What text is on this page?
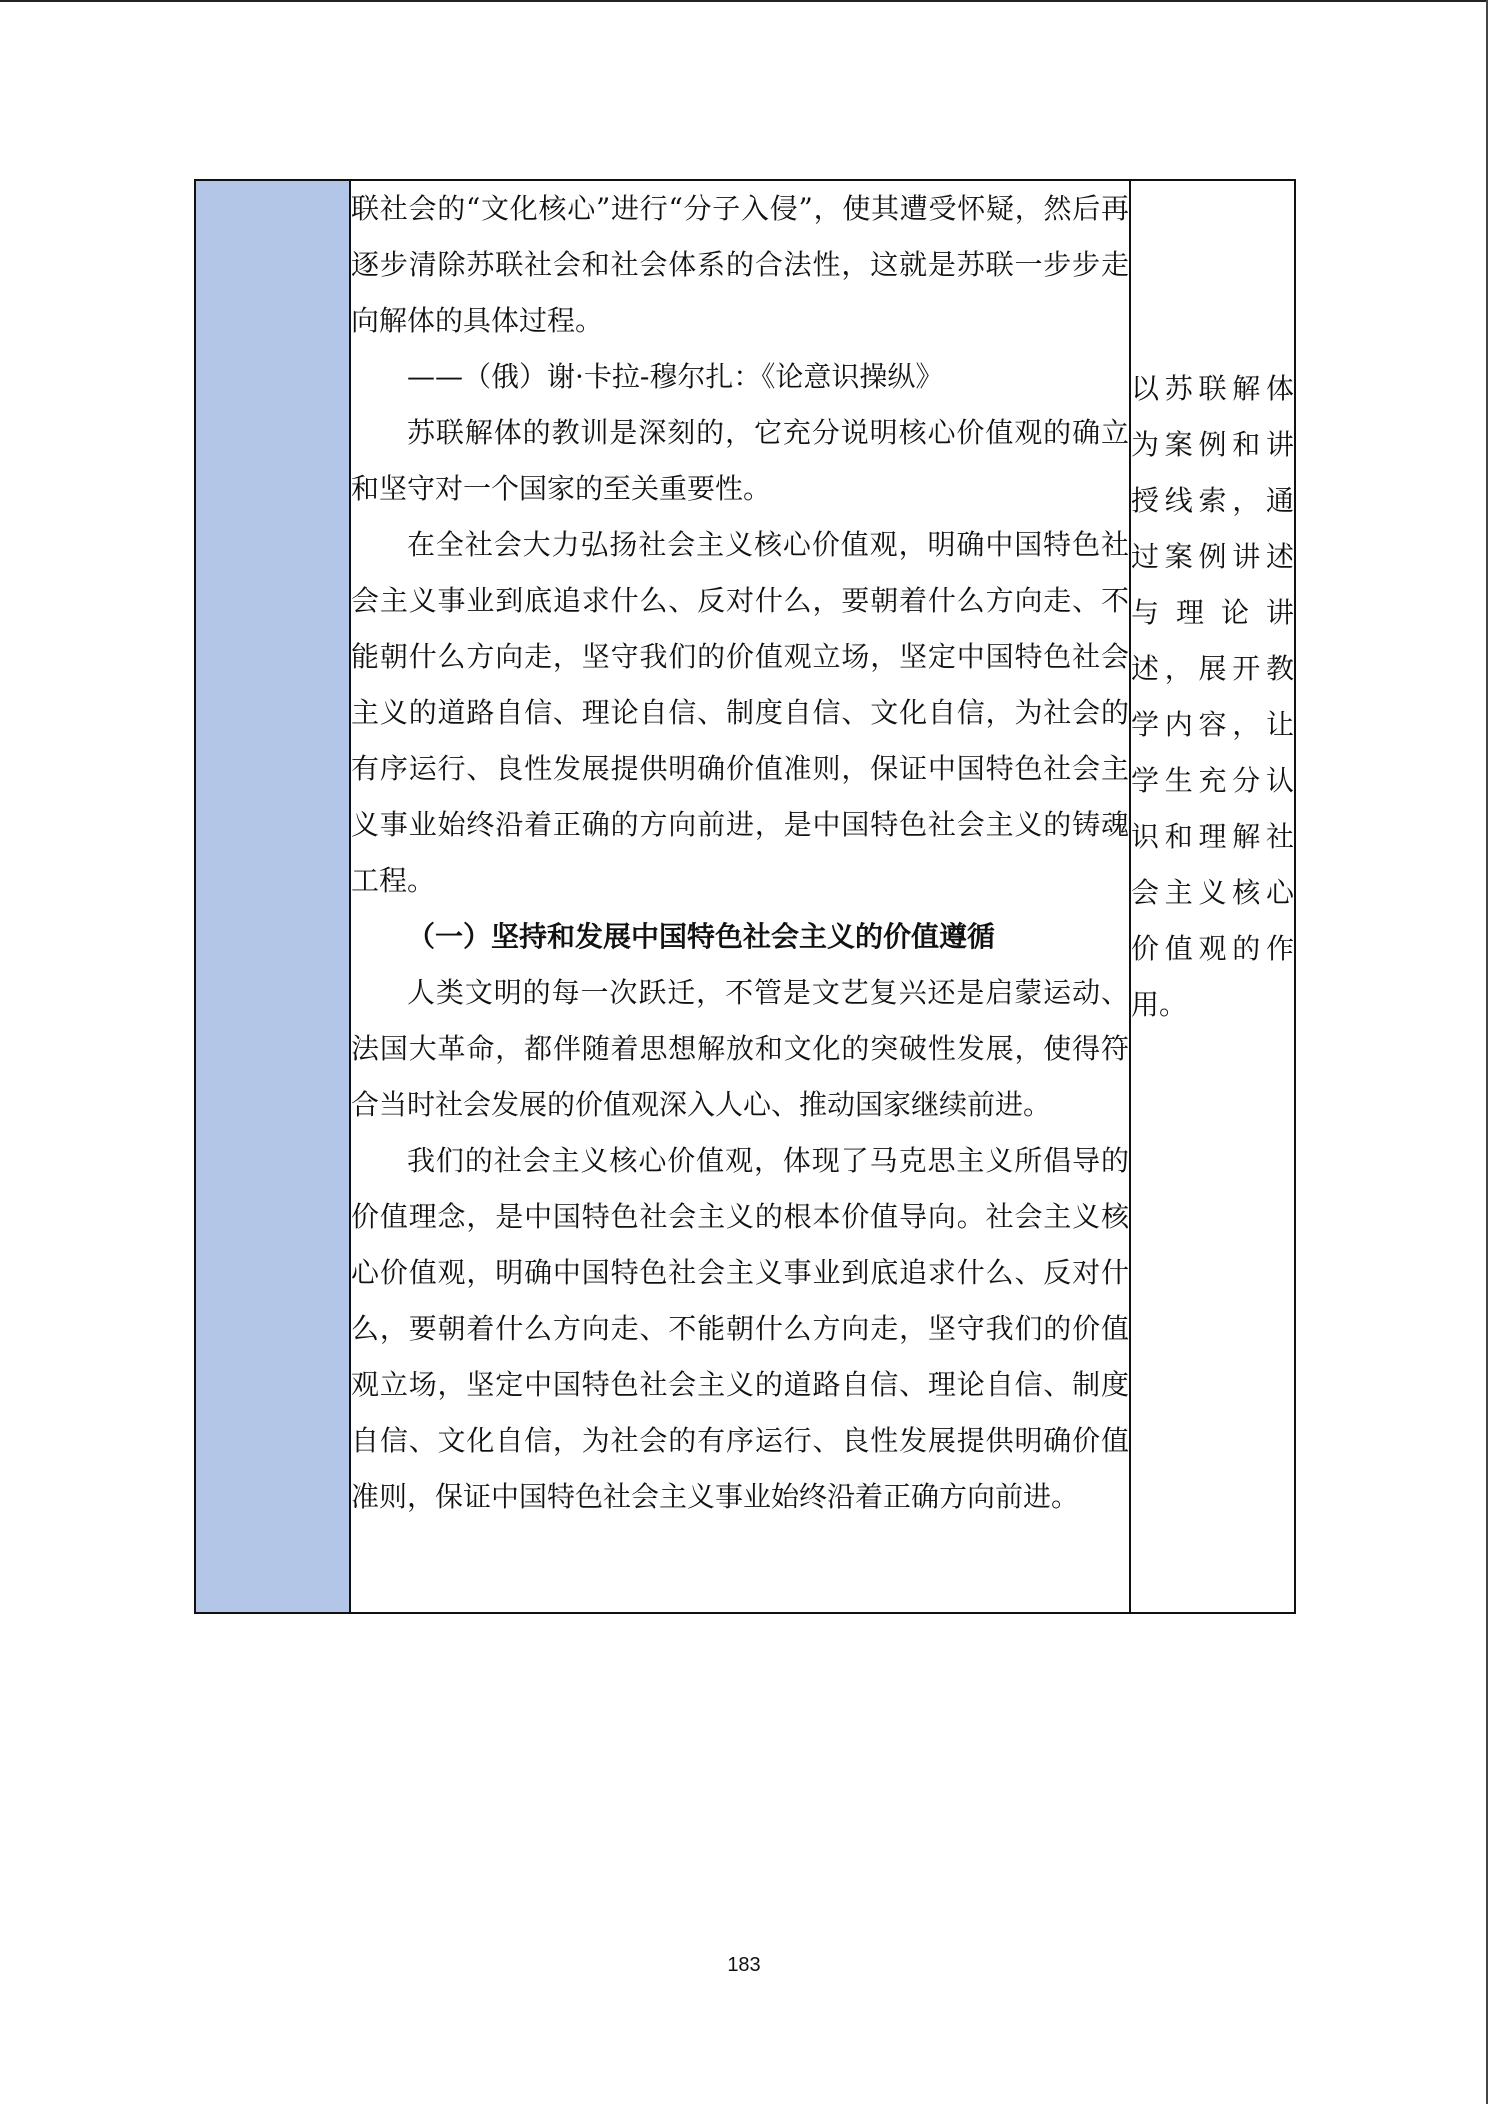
联社会的“文化核心”进行“分子入侵”，使其遭受怀疑，然后再逐步清除苏联社会和社会体系的合法性，这就是苏联一步步走向解体的具体过程。

——（俄）谢·卡拉-穆尔扎：《论意识操纵》

苏联解体的教训是深刻的，它充分说明核心价值观的确立和坚守对一个国家的至关重要性。

在全社会大力弘扬社会主义核心价值观，明确中国特色社会主义事业到底追求什么、反对什么，要朝着什么方向走、不能朝什么方向走，坚守我们的价值观立场，坚定中国特色社会主义的道路自信、理论自信、制度自信、文化自信，为社会的有序运行、良性发展提供明确价值准则，保证中国特色社会主义事业始终沿着正确的方向前进，是中国特色社会主义的铸魂工程。

（一）坚持和发展中国特色社会主义的价值遵循

人类文明的每一次跃迁，不管是文艺复兴还是启蒙运动、法国大革命，都伴随着思想解放和文化的突破性发展，使得符合当时社会发展的价值观深入人心、推动国家继续前进。

我们的社会主义核心价值观，体现了马克思主义所倡导的价值理念，是中国特色社会主义的根本价值导向。社会主义核心价值观，明确中国特色社会主义事业到底追求什么、反对什么，要朝着什么方向走、不能朝什么方向走，坚守我们的价值观立场，坚定中国特色社会主义的道路自信、理论自信、制度自信、文化自信，为社会的有序运行、良性发展提供明确价值准则，保证中国特色社会主义事业始终沿着正确方向前进。

以苏联解体为案例和讲授线索，通过案例讲述与理论讲述，展开教学内容，让学生充分认识和理解社会主义核心价值观的作用。

183
